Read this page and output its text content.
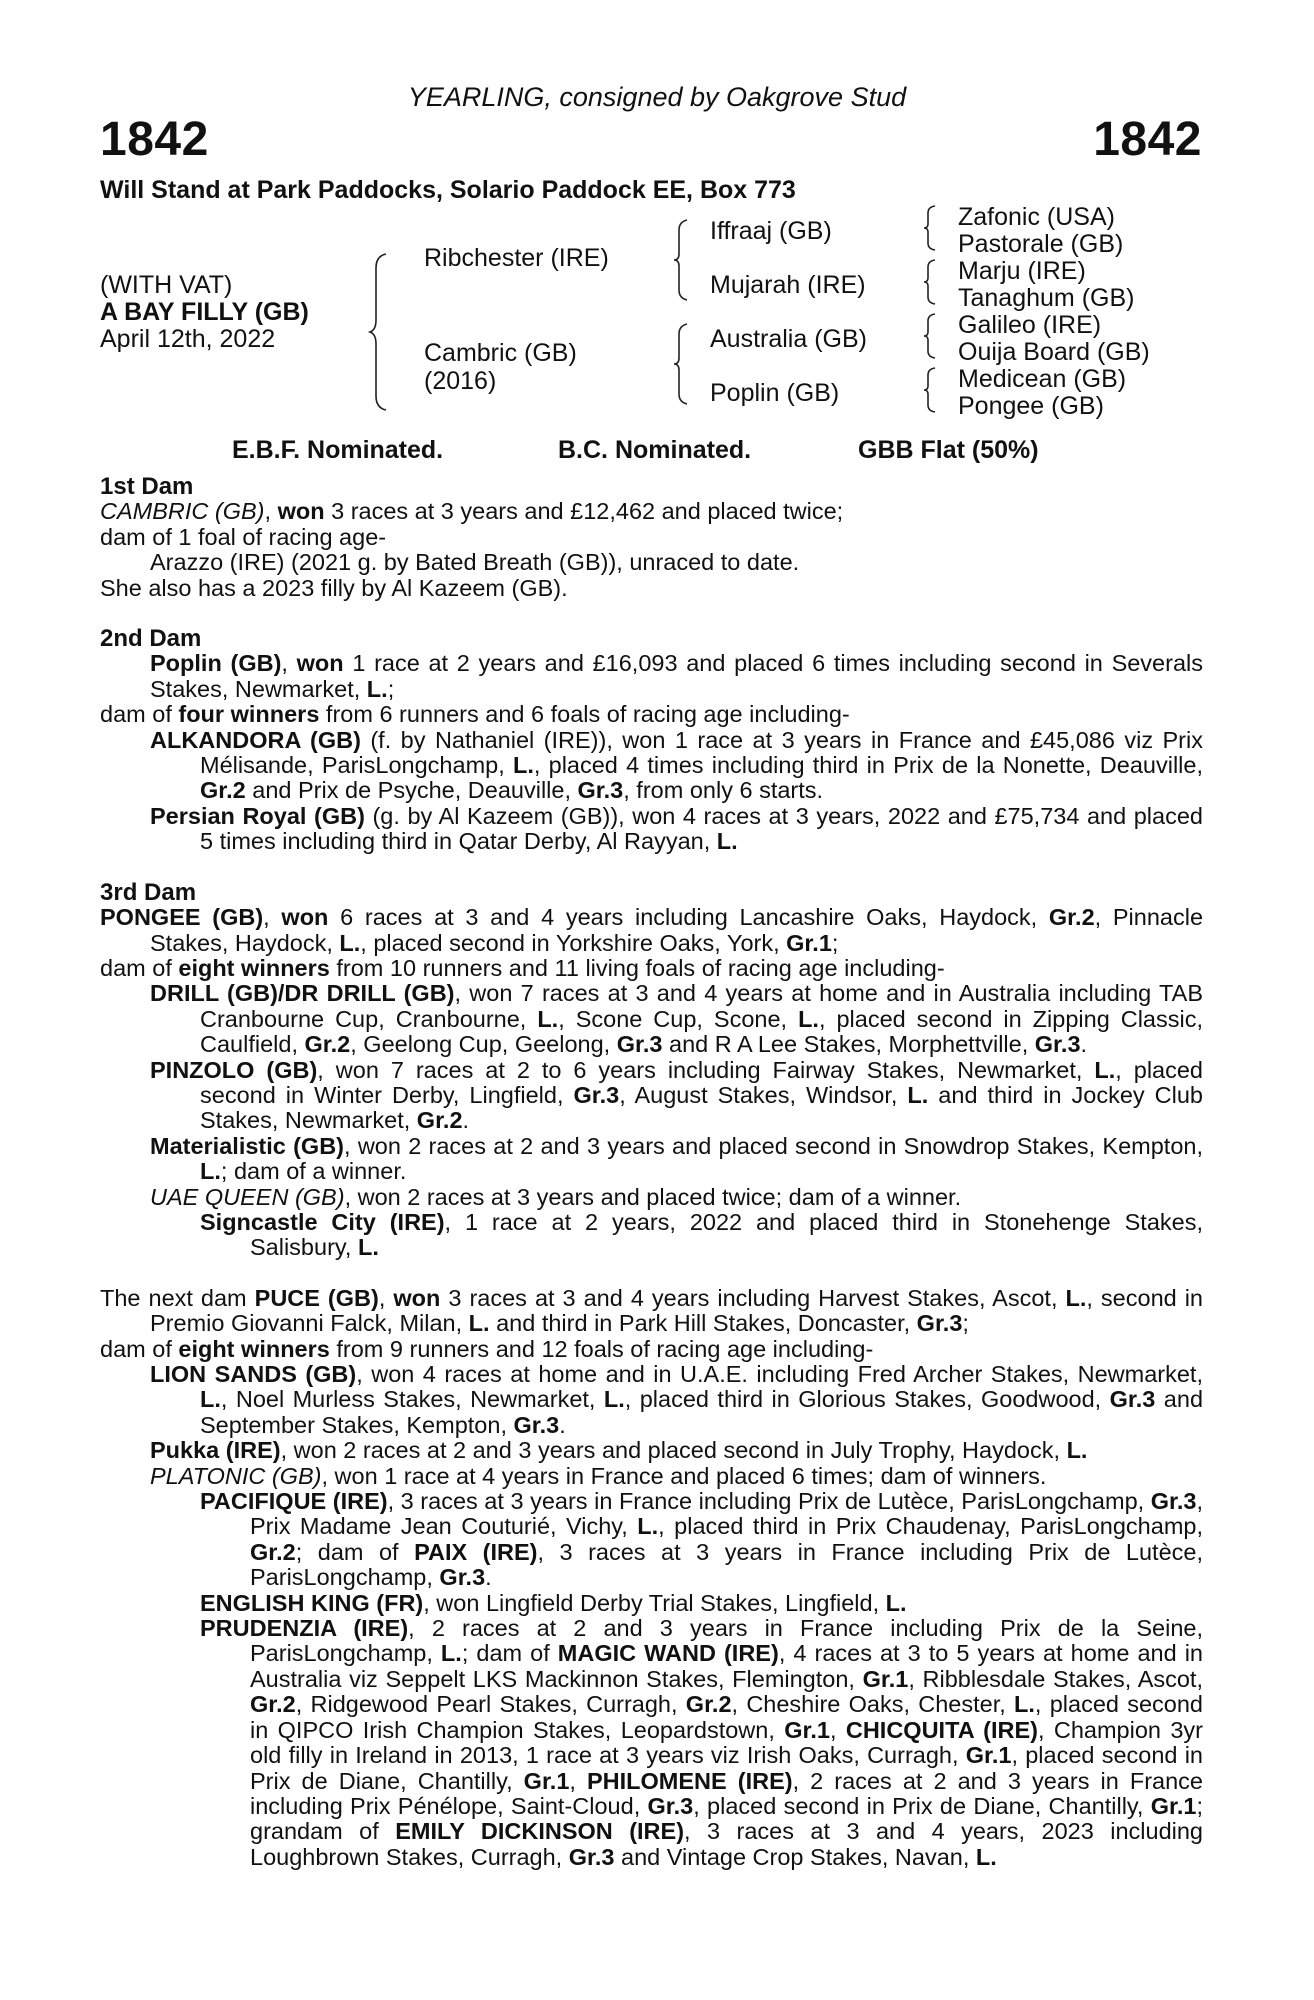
YEARLING, consigned by Oakgrove Stud
1842	1842
Will Stand at Park Paddocks, Solario Paddock EE, Box 773
(WITH VAT)
A BAY FILLY (GB)
April 12th, 2022
Ribchester (IRE)
Cambric (GB)
(2016)
Iffraaj (GB)
Mujarah (IRE)
Australia (GB)
Poplin (GB)
Zafonic (USA)
Pastorale (GB)
Marju (IRE)
Tanaghum (GB)
Galileo (IRE)
Ouija Board (GB)
Medicean (GB)
Pongee (GB)
E.B.F. Nominated.	B.C. Nominated.	GBB Flat (50%)

1st Dam

CAMBRIC (GB), won 3 races at 3 years and £12,462 and placed twice;

dam of 1 foal of racing age-

Arazzo (IRE) (2021 g. by Bated Breath (GB)), unraced to date.

She also has a 2023 filly by Al Kazeem (GB).

2nd Dam

Poplin (GB), won 1 race at 2 years and £16,093 and placed 6 times including second in Severals Stakes, Newmarket, L.;

dam of four winners from 6 runners and 6 foals of racing age including-

ALKANDORA (GB) (f. by Nathaniel (IRE)), won 1 race at 3 years in France and £45,086 viz Prix Mélisande, ParisLongchamp, L., placed 4 times including third in Prix de la Nonette, Deauville, Gr.2 and Prix de Psyche, Deauville, Gr.3, from only 6 starts.

Persian Royal (GB) (g. by Al Kazeem (GB)), won 4 races at 3 years, 2022 and £75,734 and placed 5 times including third in Qatar Derby, Al Rayyan, L.

3rd Dam

PONGEE (GB), won 6 races at 3 and 4 years including Lancashire Oaks, Haydock, Gr.2, Pinnacle Stakes, Haydock, L., placed second in Yorkshire Oaks, York, Gr.1;

dam of eight winners from 10 runners and 11 living foals of racing age including-

DRILL (GB)/DR DRILL (GB), won 7 races at 3 and 4 years at home and in Australia including TAB Cranbourne Cup, Cranbourne, L., Scone Cup, Scone, L., placed second in Zipping Classic, Caulfield, Gr.2, Geelong Cup, Geelong, Gr.3 and R A Lee Stakes, Morphettville, Gr.3.

PINZOLO (GB), won 7 races at 2 to 6 years including Fairway Stakes, Newmarket, L., placed second in Winter Derby, Lingfield, Gr.3, August Stakes, Windsor, L. and third in Jockey Club Stakes, Newmarket, Gr.2.

Materialistic (GB), won 2 races at 2 and 3 years and placed second in Snowdrop Stakes, Kempton, L.; dam of a winner.

UAE QUEEN (GB), won 2 races at 3 years and placed twice; dam of a winner.

Signcastle City (IRE), 1 race at 2 years, 2022 and placed third in Stonehenge Stakes, Salisbury, L.

The next dam PUCE (GB), won 3 races at 3 and 4 years including Harvest Stakes, Ascot, L., second in Premio Giovanni Falck, Milan, L. and third in Park Hill Stakes, Doncaster, Gr.3;

dam of eight winners from 9 runners and 12 foals of racing age including-

LION SANDS (GB), won 4 races at home and in U.A.E. including Fred Archer Stakes, Newmarket, L., Noel Murless Stakes, Newmarket, L., placed third in Glorious Stakes, Goodwood, Gr.3 and September Stakes, Kempton, Gr.3.

Pukka (IRE), won 2 races at 2 and 3 years and placed second in July Trophy, Haydock, L.

PLATONIC (GB), won 1 race at 4 years in France and placed 6 times; dam of winners.

PACIFIQUE (IRE), 3 races at 3 years in France including Prix de Lutèce, ParisLongchamp, Gr.3, Prix Madame Jean Couturié, Vichy, L., placed third in Prix Chaudenay, ParisLongchamp, Gr.2; dam of PAIX (IRE), 3 races at 3 years in France including Prix de Lutèce, ParisLongchamp, Gr.3.

ENGLISH KING (FR), won Lingfield Derby Trial Stakes, Lingfield, L.

PRUDENZIA (IRE), 2 races at 2 and 3 years in France including Prix de la Seine, ParisLongchamp, L.; dam of MAGIC WAND (IRE), 4 races at 3 to 5 years at home and in Australia viz Seppelt LKS Mackinnon Stakes, Flemington, Gr.1, Ribblesdale Stakes, Ascot, Gr.2, Ridgewood Pearl Stakes, Curragh, Gr.2, Cheshire Oaks, Chester, L., placed second in QIPCO Irish Champion Stakes, Leopardstown, Gr.1, CHICQUITA (IRE), Champion 3yr old filly in Ireland in 2013, 1 race at 3 years viz Irish Oaks, Curragh, Gr.1, placed second in Prix de Diane, Chantilly, Gr.1, PHILOMENE (IRE), 2 races at 2 and 3 years in France including Prix Pénélope, Saint-Cloud, Gr.3, placed second in Prix de Diane, Chantilly, Gr.1; grandam of EMILY DICKINSON (IRE), 3 races at 3 and 4 years, 2023 including Loughbrown Stakes, Curragh, Gr.3 and Vintage Crop Stakes, Navan, L.
